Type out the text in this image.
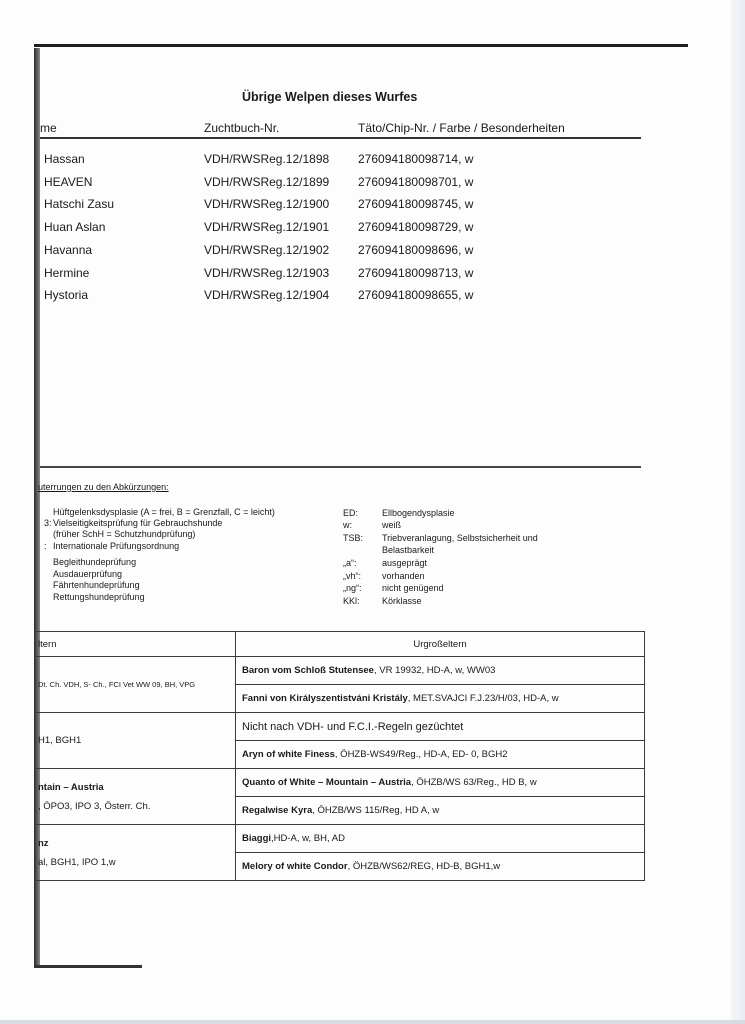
Übrige Welpen dieses Wurfes
me	Zuchtbuch-Nr.	Täto/Chip-Nr. / Farbe / Besonderheiten
Hassan	VDH/RWSReg.12/1898 276094180098714, w
HEAVEN	VDH/RWSReg.12/1899 276094180098701, w
Hatschi Zasu	VDH/RWSReg.12/1900 276094180098745, w
Huan Aslan	VDH/RWSReg.12/1901 276094180098729, w
Havanna	VDH/RWSReg.12/1902 276094180098696, w
Hermine	VDH/RWSReg.12/1903 276094180098713, w
Hystoria	VDH/RWSReg.12/1904 276094180098655, w
uterrungen zu den Abkürzungen:
Hüftgelenksdysplasie (A = frei, B = Grenzfall, C = leicht)
3: Vielseitigkeitsprüfung für Gebrauchshunde
(früher SchH = Schutzhundprüfung)
: Internationale Prüfungsordnung
Begleithundeprüfung
Ausdauerprüfung
Fährtenhundeprüfung
Rettungshundeprüfung
ED:	Ellbogendysplasie
w:	weiß
TSB: Triebveranlagung, Selbstsicherheit und
Belastbarkeit
„a“:	ausgeprägt
„vh“: vorhanden
„ng“: nicht genügend
KKl: Körklasse
ltern	Urgroßeltern

Dt. Ch. VDH, S- Ch., FCI Vet WW 09, BH, VPG	Baron vom Schloß Stutensee, VR 19932, HD-A, w, WW03
	Fanni von Királyszentistváni Kristály, MET.SVAJCI F.J.23/H/03, HD-A, w

H1, BGH1	Nicht nach VDH- und F.C.I.-Regeln gezüchtet
	Aryn of white Finess, ÖHZB-WS49/Reg., HD-A, ED- 0, BGH2

ntain – Austria
, ÖPO3, IPO 3, Österr. Ch.	Quanto of White – Mountain – Austria, ÖHZB/WS 63/Reg., HD B, w
	Regalwise Kyra, ÖHZB/WS 115/Reg, HD A, w

nz
al, BGH1, IPO 1,w	Biaggi,HD-A, w, BH, AD
	Melory of white Condor, ÖHZB/WS62/REG, HD-B, BGH1,w
